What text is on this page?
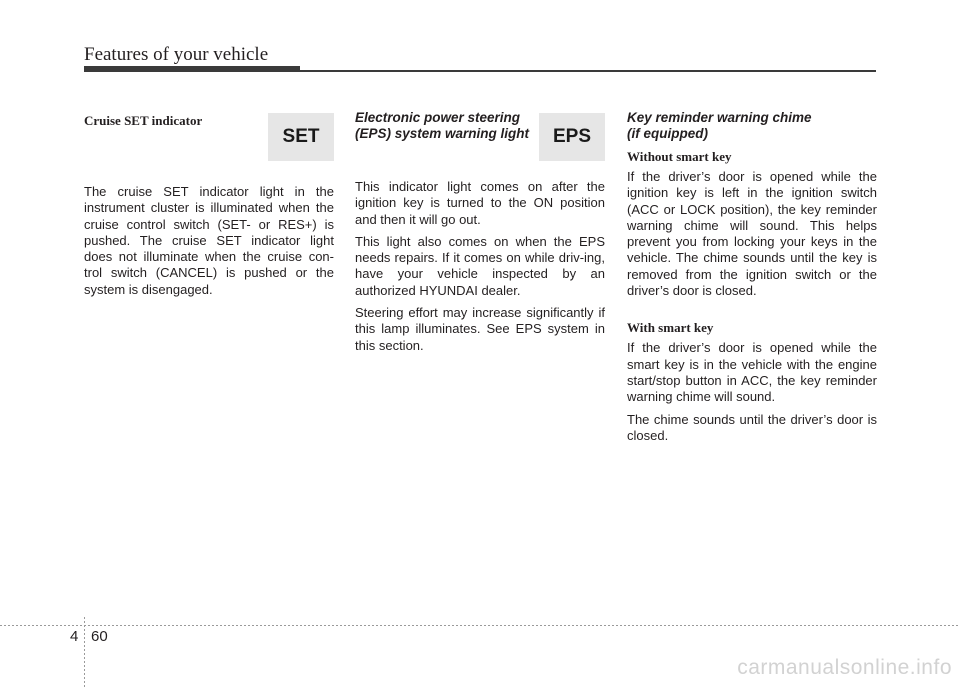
Features of your vehicle
SET	EPS
Cruise SET indicator

The cruise SET indicator light in the instrument cluster is illuminated when the cruise control switch (SET- or RES+) is pushed. The cruise SET indicator light does not illuminate when the cruise con-trol switch (CANCEL) is pushed or the system is disengaged.

Electronic power steering
(EPS) system warning light

This indicator light comes on after the ignition key is turned to the ON position and then it will go out.

This light also comes on when the EPS needs repairs. If it comes on while driv-ing, have your vehicle inspected by an authorized HYUNDAI dealer.

Steering effort may increase significantly if this lamp illuminates. See EPS system in this section.

Key reminder warning chime
(if equipped)
Without smart key

If the driver’s door is opened while the ignition key is left in the ignition switch (ACC or LOCK position), the key reminder warning chime will sound. This helps prevent you from locking your keys in the vehicle. The chime sounds until the key is removed from the ignition switch or the driver’s door is closed.

With smart key

If the driver’s door is opened while the smart key is in the vehicle with the engine start/stop button in ACC, the key reminder warning chime will sound.

The chime sounds until the driver’s door is closed.

4 60
carmanualsonline.info
